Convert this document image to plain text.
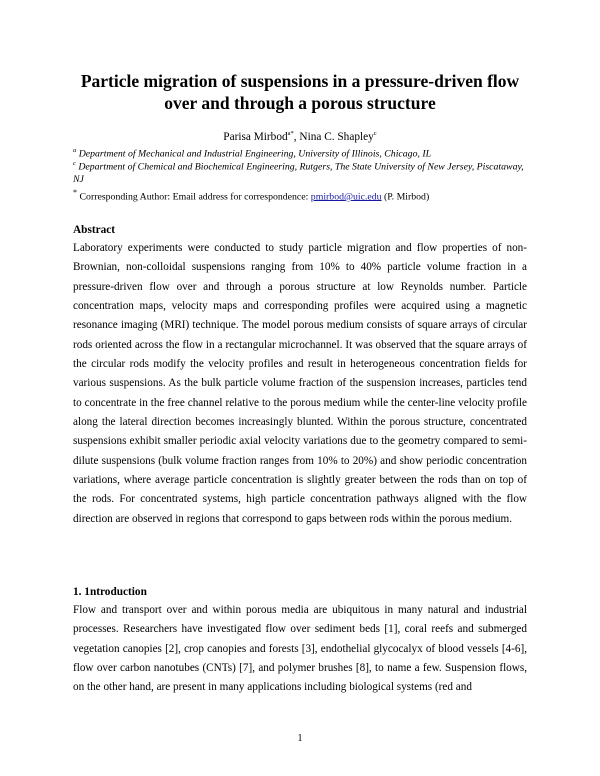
Particle migration of suspensions in a pressure-driven flow
over and through a porous structure
Parisa Mirbod$^{a*}$, Nina C. Shapley$^c$
$^a$ Department of Mechanical and Industrial Engineering, University of Illinois, Chicago, IL
$^c$ Department of Chemical and Biochemical Engineering, Rutgers, The State University of New Jersey, Piscataway, NJ
* Corresponding Author: Email address for correspondence: pmirbod@uic.edu (P. Mirbod)
Abstract
Laboratory experiments were conducted to study particle migration and flow properties of non-Brownian, non-colloidal suspensions ranging from 10% to 40% particle volume fraction in a pressure-driven flow over and through a porous structure at low Reynolds number. Particle concentration maps, velocity maps and corresponding profiles were acquired using a magnetic resonance imaging (MRI) technique. The model porous medium consists of square arrays of circular rods oriented across the flow in a rectangular microchannel. It was observed that the square arrays of the circular rods modify the velocity profiles and result in heterogeneous concentration fields for various suspensions. As the bulk particle volume fraction of the suspension increases, particles tend to concentrate in the free channel relative to the porous medium while the center-line velocity profile along the lateral direction becomes increasingly blunted. Within the porous structure, concentrated suspensions exhibit smaller periodic axial velocity variations due to the geometry compared to semi-dilute suspensions (bulk volume fraction ranges from 10% to 20%) and show periodic concentration variations, where average particle concentration is slightly greater between the rods than on top of the rods. For concentrated systems, high particle concentration pathways aligned with the flow direction are observed in regions that correspond to gaps between rods within the porous medium.
1. 1ntroduction
Flow and transport over and within porous media are ubiquitous in many natural and industrial processes. Researchers have investigated flow over sediment beds [1], coral reefs and submerged vegetation canopies [2], crop canopies and forests [3], endothelial glycocalyx of blood vessels [4-6], flow over carbon nanotubes (CNTs) [7], and polymer brushes [8], to name a few. Suspension flows, on the other hand, are present in many applications including biological systems (red and
1
